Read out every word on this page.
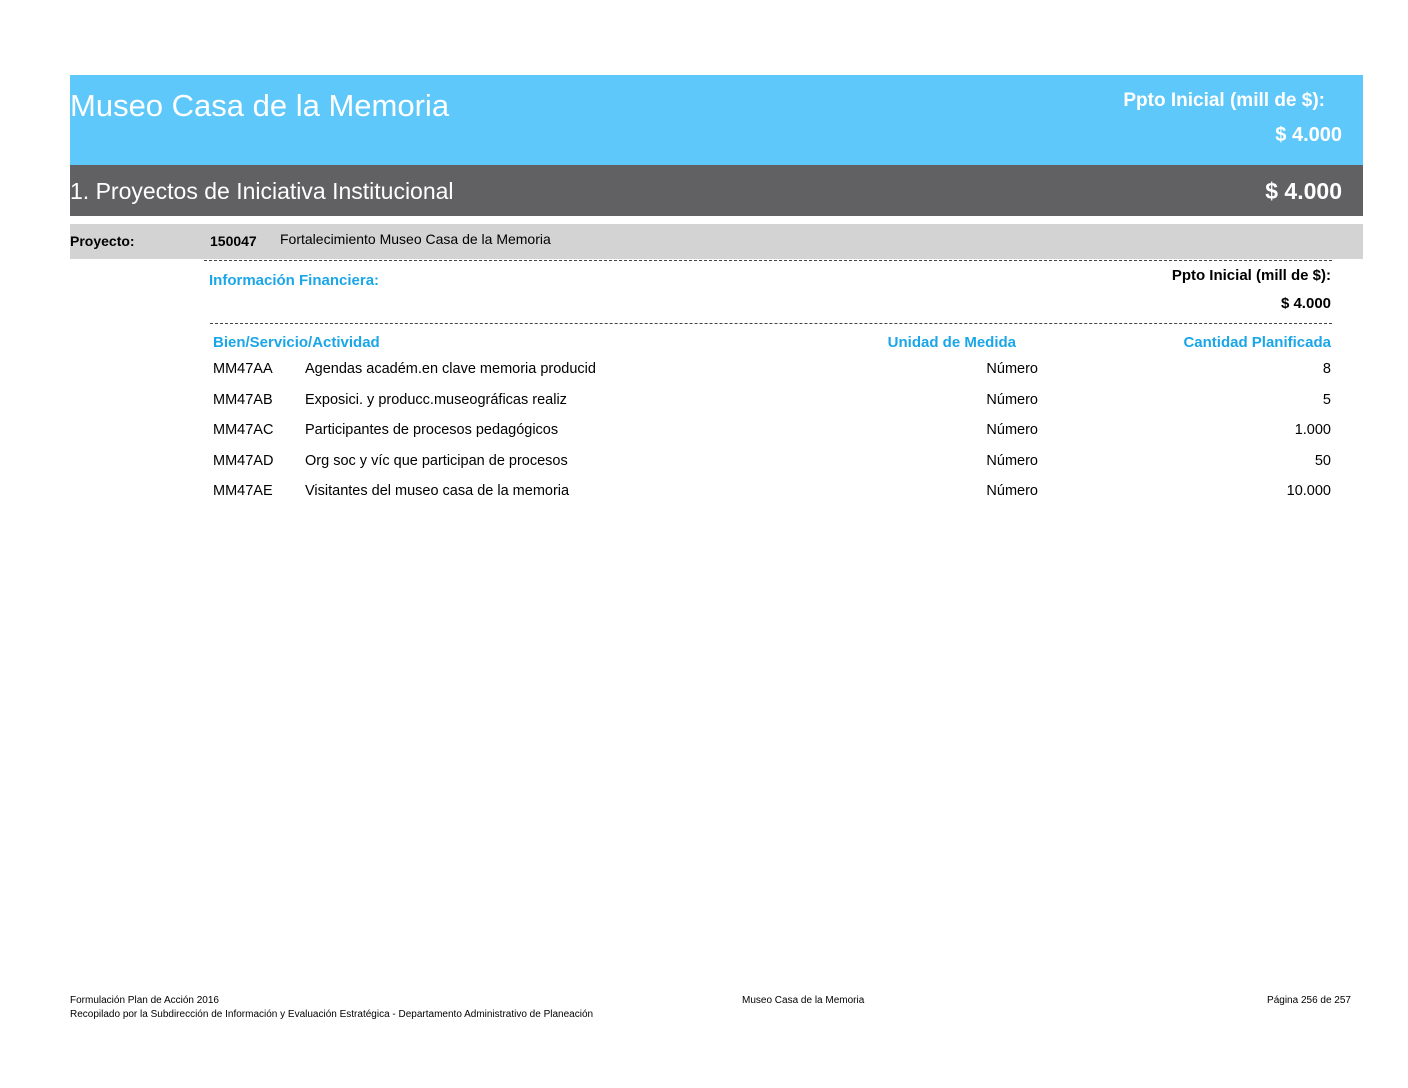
Museo Casa de la Memoria	Ppto Inicial (mill de $):
$ 4.000
1. Proyectos de Iniciativa Institucional	$ 4.000
Proyecto:	150047 Fortalecimiento Museo Casa de la Memoria
Información Financiera:	Ppto Inicial (mill de $):
$ 4.000
Bien/Servicio/Actividad	Unidad de Medida	Cantidad Planificada
MM47AA Agendas académ.en clave memoria producid	Número	8
MM47AB Exposici. y producc.museográficas realiz	Número	5
MM47AC Participantes de procesos pedagógicos	Número	1.000
MM47AD Org soc y víc que participan de procesos	Número	50
MM47AE Visitantes del museo casa de la memoria	Número	10.000
Formulación Plan de Acción 2016
Recopilado por la Subdirección de Información y Evaluación Estratégica - Departamento Administrativo de Planeación
Museo Casa de la Memoria	Página 256 de 257
